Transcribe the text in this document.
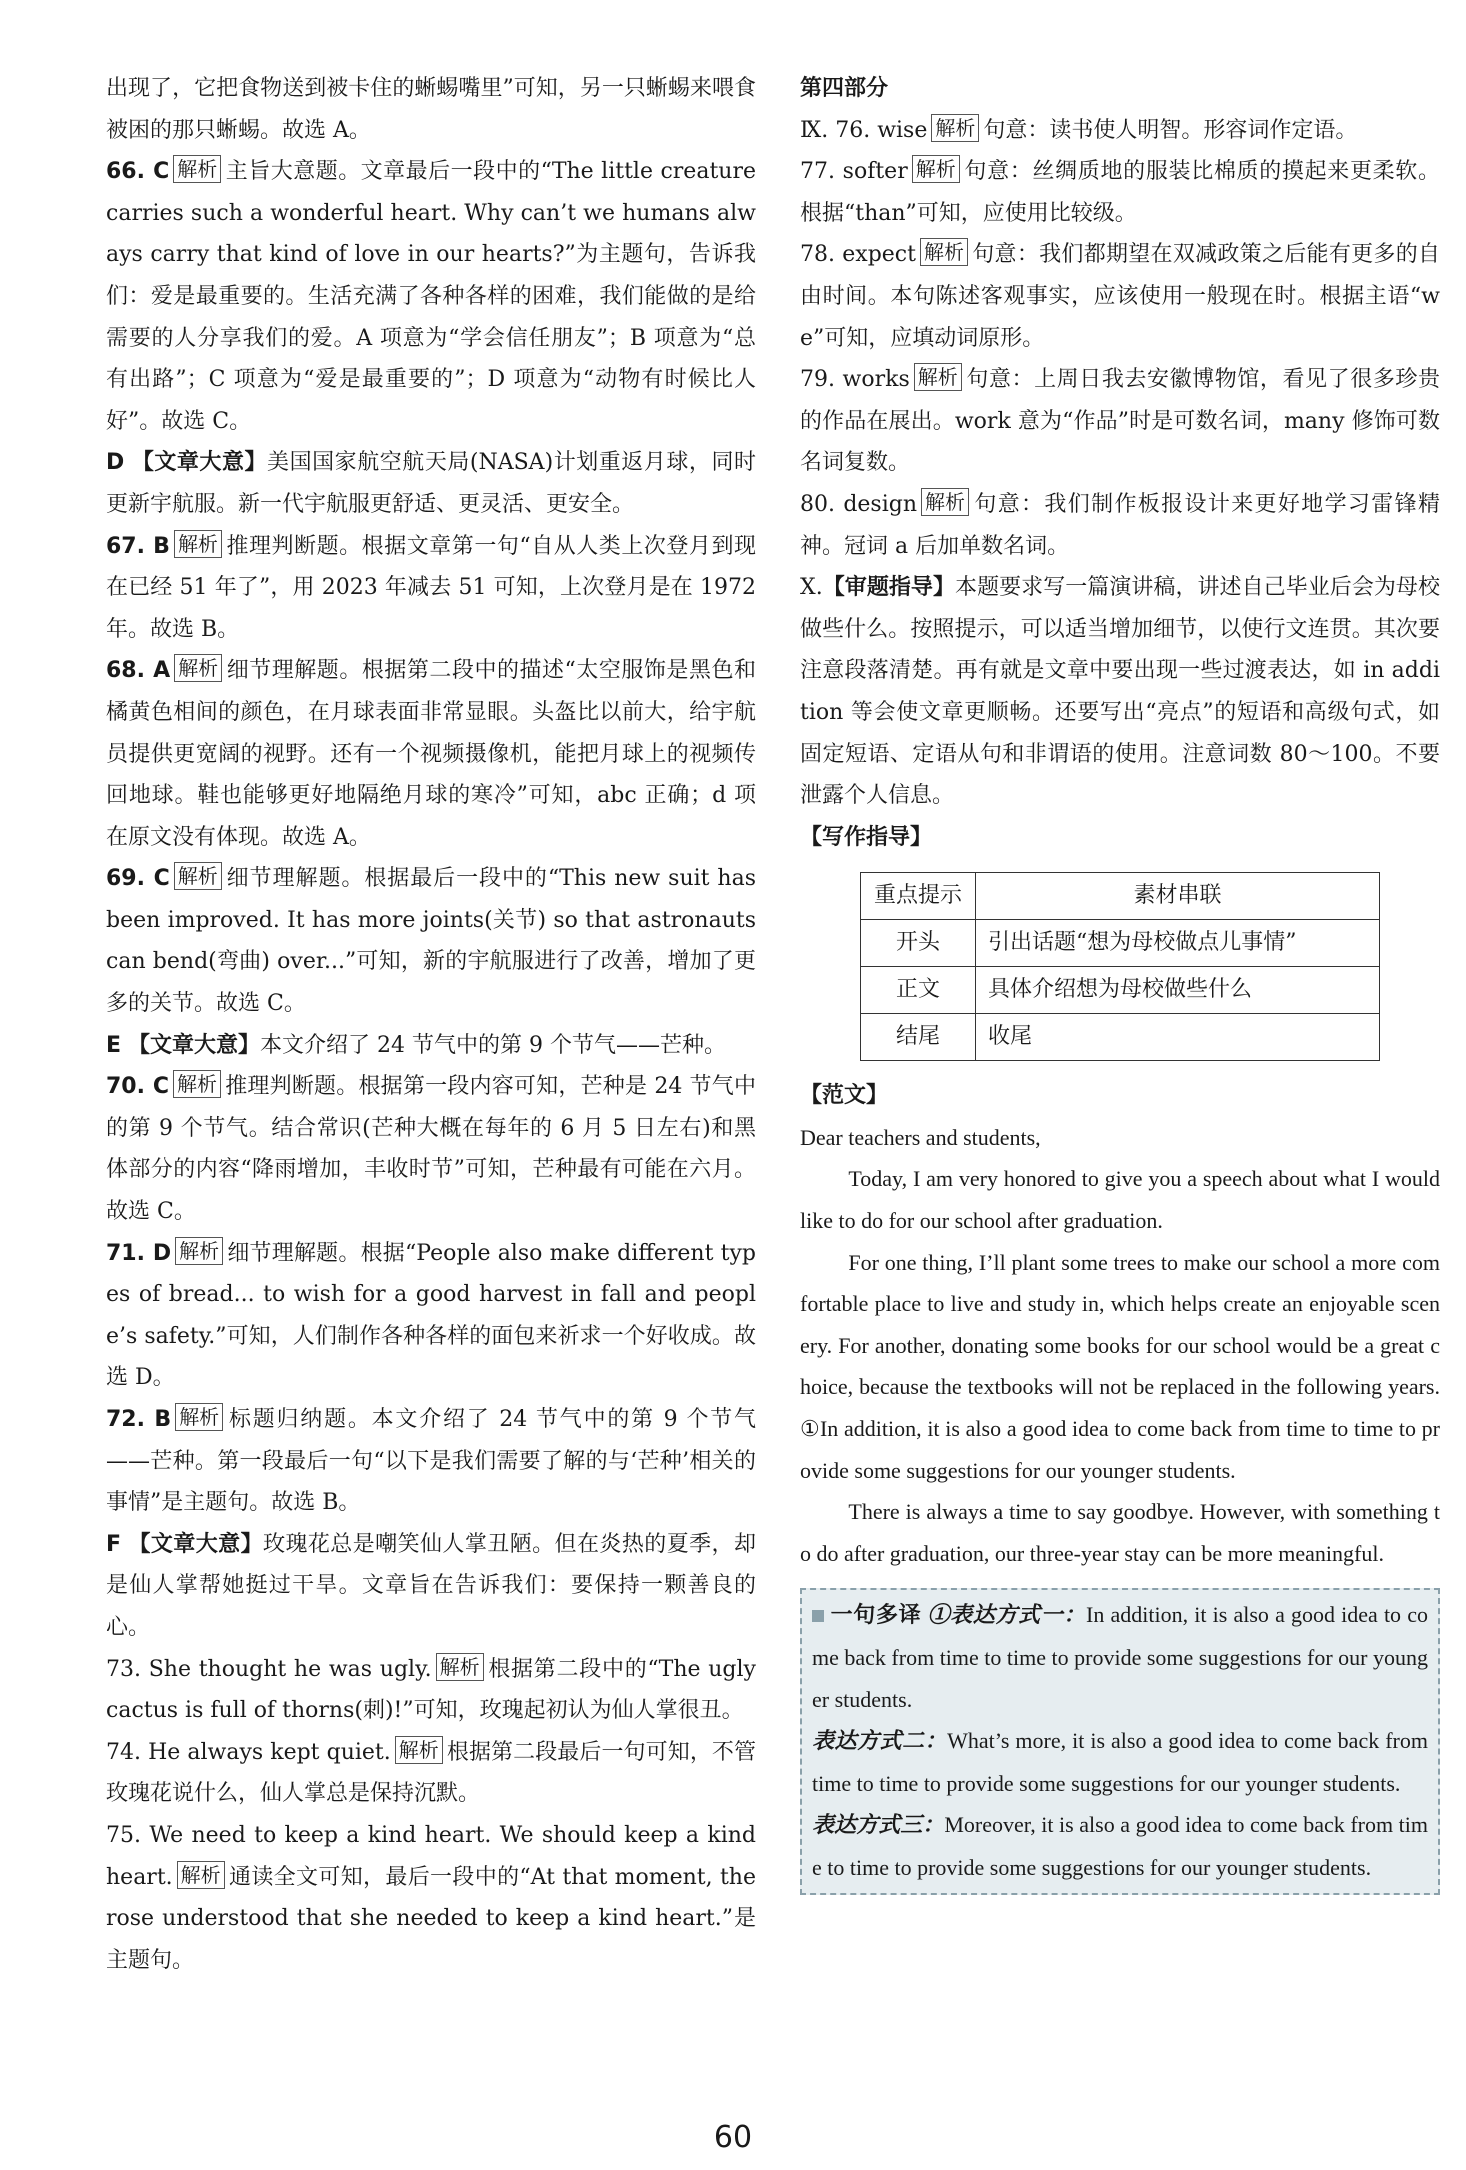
出现了，它把食物送到被卡住的蜥蜴嘴里”可知，另一只蜥蜴来喂食被困的那只蜥蜴。故选 A。

66. C 解析 主旨大意题。文章最后一段中的“The little creature carries such a wonderful heart. Why can’t we humans always carry that kind of love in our hearts?”为主题句，告诉我们：爱是最重要的。生活充满了各种各样的困难，我们能做的是给需要的人分享我们的爱。A 项意为“学会信任朋友”；B 项意为“总有出路”；C 项意为“爱是最重要的”；D 项意为“动物有时候比人好”。故选 C。

D 【文章大意】美国国家航空航天局(NASA)计划重返月球，同时更新宇航服。新一代宇航服更舒适、更灵活、更安全。

67. B 解析 推理判断题。根据文章第一句“自从人类上次登月到现在已经 51 年了”，用 2023 年减去 51 可知，上次登月是在 1972 年。故选 B。

68. A 解析 细节理解题。根据第二段中的描述“太空服饰是黑色和橘黄色相间的颜色，在月球表面非常显眼。头盔比以前大，给宇航员提供更宽阔的视野。还有一个视频摄像机，能把月球上的视频传回地球。鞋也能够更好地隔绝月球的寒冷”可知，abc 正确；d 项在原文没有体现。故选 A。

69. C 解析 细节理解题。根据最后一段中的“This new suit has been improved. It has more joints(关节) so that astronauts can bend(弯曲) over...”可知，新的宇航服进行了改善，增加了更多的关节。故选 C。

E 【文章大意】本文介绍了 24 节气中的第 9 个节气——芒种。

70. C 解析 推理判断题。根据第一段内容可知，芒种是 24 节气中的第 9 个节气。结合常识(芒种大概在每年的 6 月 5 日左右)和黑体部分的内容“降雨增加，丰收时节”可知，芒种最有可能在六月。故选 C。

71. D 解析 细节理解题。根据“People also make different types of bread... to wish for a good harvest in fall and people’s safety.”可知，人们制作各种各样的面包来祈求一个好收成。故选 D。

72. B 解析 标题归纳题。本文介绍了 24 节气中的第 9 个节气——芒种。第一段最后一句“以下是我们需要了解的与‘芒种’相关的事情”是主题句。故选 B。

F 【文章大意】玫瑰花总是嘲笑仙人掌丑陋。但在炎热的夏季，却是仙人掌帮她挺过干旱。文章旨在告诉我们：要保持一颗善良的心。

73. She thought he was ugly. 解析 根据第二段中的“The ugly cactus is full of thorns(刺)!”可知，玫瑰起初认为仙人掌很丑。

74. He always kept quiet. 解析 根据第二段最后一句可知，不管玫瑰花说什么，仙人掌总是保持沉默。

75. We need to keep a kind heart. We should keep a kind heart. 解析 通读全文可知，最后一段中的“At that moment, the rose understood that she needed to keep a kind heart.”是主题句。

第四部分

Ⅸ. 76. wise 解析 句意：读书使人明智。形容词作定语。

77. softer 解析 句意：丝绸质地的服装比棉质的摸起来更柔软。根据“than”可知，应使用比较级。

78. expect 解析 句意：我们都期望在双减政策之后能有更多的自由时间。本句陈述客观事实，应该使用一般现在时。根据主语“we”可知，应填动词原形。

79. works 解析 句意：上周日我去安徽博物馆，看见了很多珍贵的作品在展出。work 意为“作品”时是可数名词，many 修饰可数名词复数。

80. design 解析 句意：我们制作板报设计来更好地学习雷锋精神。冠词 a 后加单数名词。

Ⅹ.【审题指导】本题要求写一篇演讲稿，讲述自己毕业后会为母校做些什么。按照提示，可以适当增加细节，以使行文连贯。其次要注意段落清楚。再有就是文章中要出现一些过渡表达，如 in addition 等会使文章更顺畅。还要写出“亮点”的短语和高级句式，如固定短语、定语从句和非谓语的使用。注意词数 80～100。不要泄露个人信息。

【写作指导】

重点提示	素材串联
开头	引出话题“想为母校做点儿事情”
正文	具体介绍想为母校做些什么
结尾	收尾

【范文】

Dear teachers and students,

Today, I am very honored to give you a speech about what I would like to do for our school after graduation.

For one thing, I’ll plant some trees to make our school a more comfortable place to live and study in, which helps create an enjoyable scenery. For another, donating some books for our school would be a great choice, because the textbooks will not be replaced in the following years. ①In addition, it is also a good idea to come back from time to time to provide some suggestions for our younger students.

There is always a time to say goodbye. However, with something to do after graduation, our three-year stay can be more meaningful.

一句多译 ①表达方式一：In addition, it is also a good idea to come back from time to time to provide some suggestions for our younger students.

表达方式二：What’s more, it is also a good idea to come back from time to time to provide some suggestions for our younger students.

表达方式三：Moreover, it is also a good idea to come back from time to time to provide some suggestions for our younger students.

60
